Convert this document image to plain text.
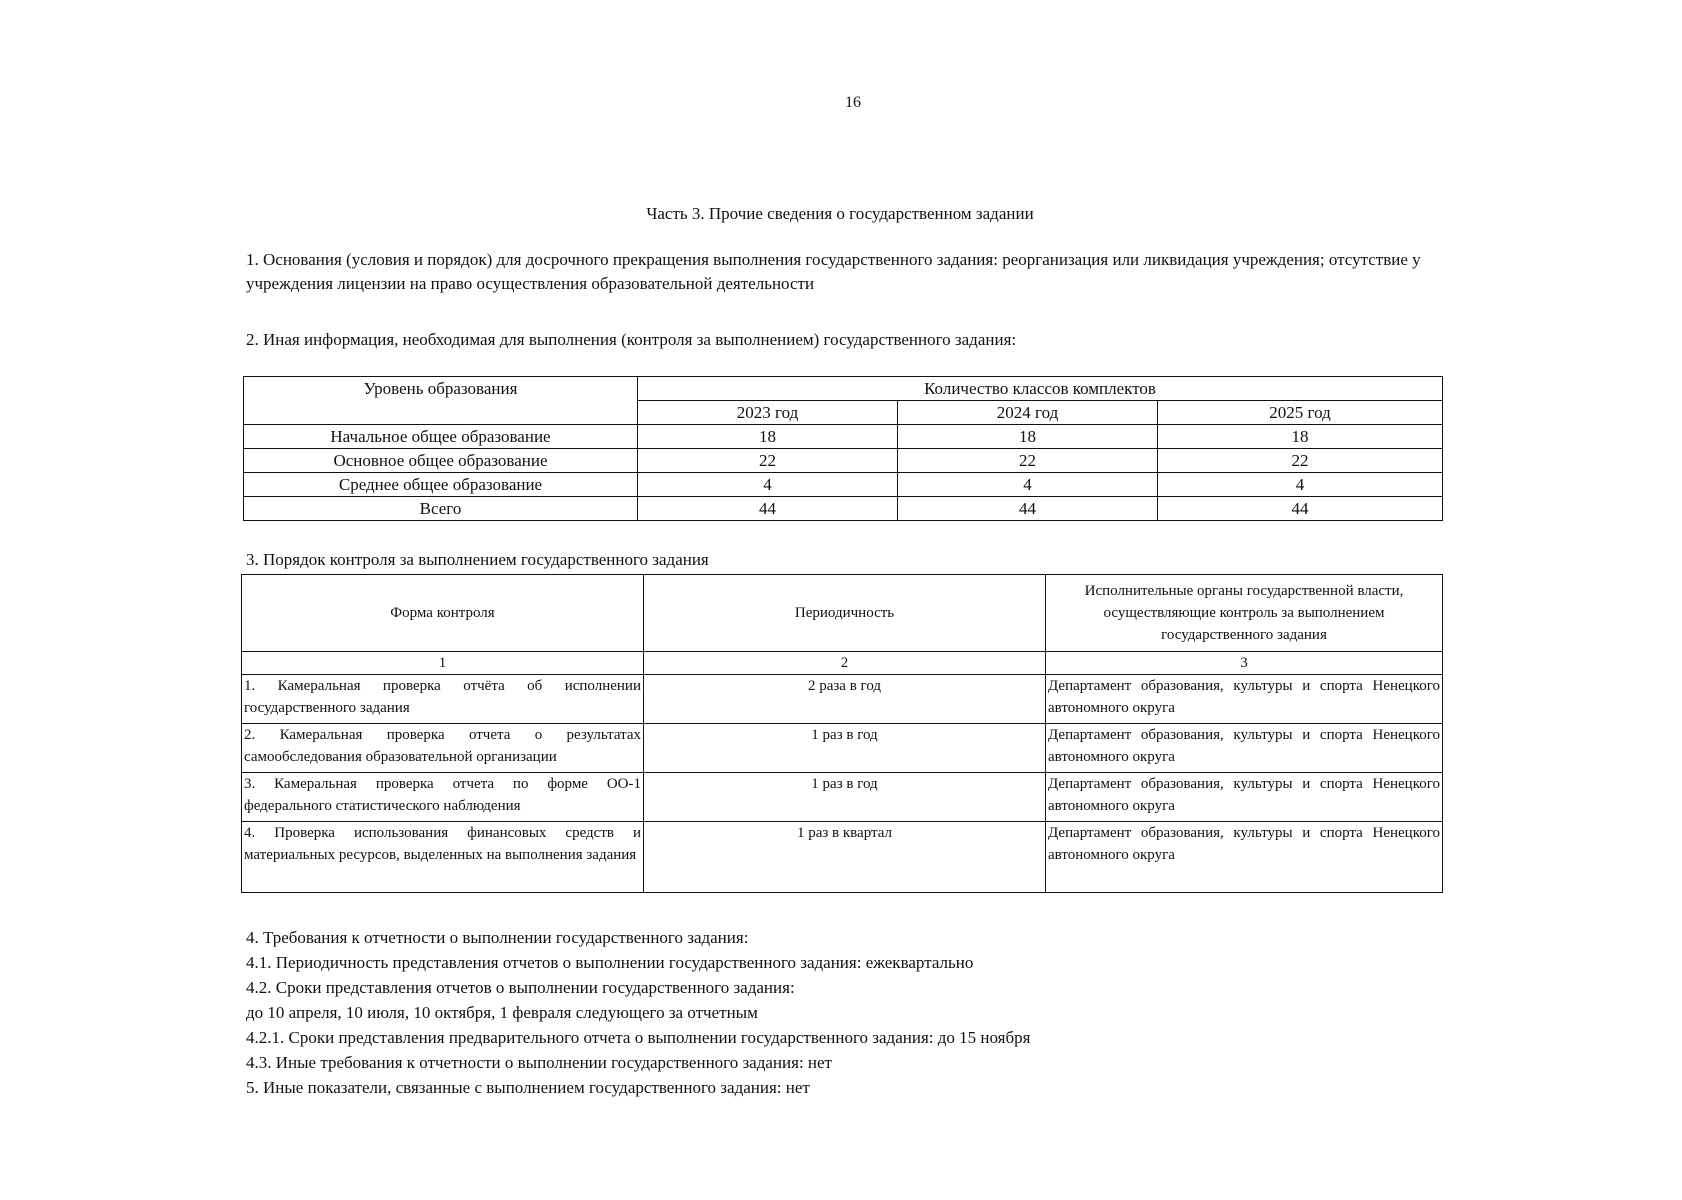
16
Часть 3. Прочие сведения о государственном задании

1. Основания (условия и порядок) для досрочного прекращения выполнения государственного задания: реорганизация или ликвидация учреждения; отсутствие у учреждения лицензии на право осуществления образовательной деятельности

2. Иная информация, необходимая для выполнения (контроля за выполнением) государственного задания:

Уровень образования	Количество классов комплектов		
	2023 год	2024 год	2025 год
Начальное общее образование	18	18	18
Основное общее образование	22	22	22
Среднее общее образование	4	4	4
Всего	44	44	44

3. Порядок контроля за выполнением государственного задания

Форма контроля	Периодичность	Исполнительные органы государственной власти, осуществляющие контроль за выполнением государственного задания
1	2	3
1. Камеральная проверка отчёта об исполнении государственного задания	2 раза в год	Департамент образования, культуры и спорта Ненецкого автономного округа
2. Камеральная проверка отчета о результатах самообследования образовательной организации	1 раз в год	Департамент образования, культуры и спорта Ненецкого автономного округа
3. Камеральная проверка отчета по форме ОО-1 федерального статистического наблюдения	1 раз в год	Департамент образования, культуры и спорта Ненецкого автономного округа
4. Проверка использования финансовых средств и материальных ресурсов, выделенных на выполнения задания	1 раз в квартал	Департамент образования, культуры и спорта Ненецкого автономного округа
4. Требования к отчетности о выполнении государственного задания:
4.1. Периодичность представления отчетов о выполнении государственного задания: ежеквартально
4.2. Сроки представления отчетов о выполнении государственного задания:
до 10 апреля, 10 июля, 10 октября, 1 февраля следующего за отчетным
4.2.1. Сроки представления предварительного отчета о выполнении государственного задания: до 15 ноября
4.3. Иные требования к отчетности о выполнении государственного задания: нет
5. Иные показатели, связанные с выполнением государственного задания: нет
